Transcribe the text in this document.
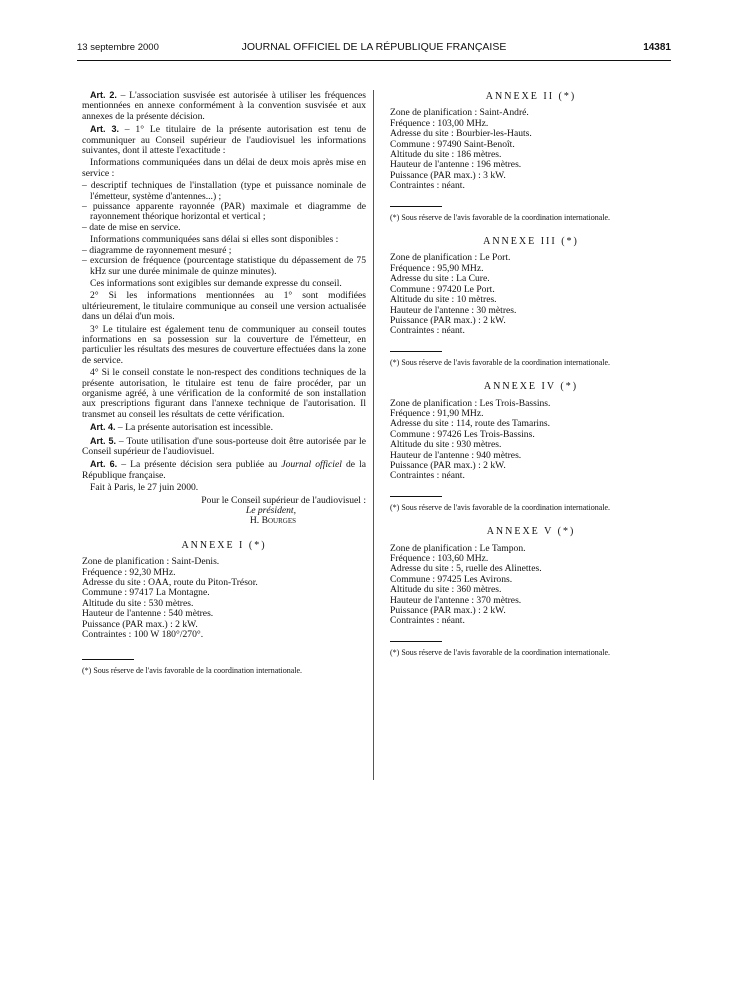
13 septembre 2000	JOURNAL OFFICIEL DE LA RÉPUBLIQUE FRANÇAISE	14381

Art. 2. – L'association susvisée est autorisée à utiliser les fréquences mentionnées en annexe conformément à la convention susvisée et aux annexes de la présente décision.

Art. 3. – 1° Le titulaire de la présente autorisation est tenu de communiquer au Conseil supérieur de l'audiovisuel les informations suivantes, dont il atteste l'exactitude :

Informations communiquées dans un délai de deux mois après mise en service :

– descriptif techniques de l'installation (type et puissance nominale de l'émetteur, système d'antennes...) ;

– puissance apparente rayonnée (PAR) maximale et diagramme de rayonnement théorique horizontal et vertical ;

– date de mise en service.

Informations communiquées sans délai si elles sont disponibles :

– diagramme de rayonnement mesuré ;

– excursion de fréquence (pourcentage statistique du dépassement de 75 kHz sur une durée minimale de quinze minutes).

Ces informations sont exigibles sur demande expresse du conseil.

2° Si les informations mentionnées au 1° sont modifiées ultérieurement, le titulaire communique au conseil une version actualisée dans un délai d'un mois.

3° Le titulaire est également tenu de communiquer au conseil toutes informations en sa possession sur la couverture de l'émetteur, en particulier les résultats des mesures de couverture effectuées dans la zone de service.

4° Si le conseil constate le non-respect des conditions techniques de la présente autorisation, le titulaire est tenu de faire procéder, par un organisme agréé, à une vérification de la conformité de son installation aux prescriptions figurant dans l'annexe technique de l'autorisation. Il transmet au conseil les résultats de cette vérification.

Art. 4. – La présente autorisation est incessible.

Art. 5. – Toute utilisation d'une sous-porteuse doit être autorisée par le Conseil supérieur de l'audiovisuel.

Art. 6. – La présente décision sera publiée au Journal officiel de la République française.

Fait à Paris, le 27 juin 2000.

Pour le Conseil supérieur de l'audiovisuel :

Le président,

H. Bourges

ANNEXE I (*)

Zone de planification : Saint-Denis.

Fréquence : 92,30 MHz.

Adresse du site : OAA, route du Piton-Trésor.

Commune : 97417 La Montagne.

Altitude du site : 530 mètres.

Hauteur de l'antenne : 540 mètres.

Puissance (PAR max.) : 2 kW.

Contraintes : 100 W 180°/270°.

(*) Sous réserve de l'avis favorable de la coordination internationale.

ANNEXE II (*)

Zone de planification : Saint-André.

Fréquence : 103,00 MHz.

Adresse du site : Bourbier-les-Hauts.

Commune : 97490 Saint-Benoît.

Altitude du site : 186 mètres.

Hauteur de l'antenne : 196 mètres.

Puissance (PAR max.) : 3 kW.

Contraintes : néant.

(*) Sous réserve de l'avis favorable de la coordination internationale.

ANNEXE III (*)

Zone de planification : Le Port.

Fréquence : 95,90 MHz.

Adresse du site : La Cure.

Commune : 97420 Le Port.

Altitude du site : 10 mètres.

Hauteur de l'antenne : 30 mètres.

Puissance (PAR max.) : 2 kW.

Contraintes : néant.

(*) Sous réserve de l'avis favorable de la coordination internationale.

ANNEXE IV (*)

Zone de planification : Les Trois-Bassins.

Fréquence : 91,90 MHz.

Adresse du site : 114, route des Tamarins.

Commune : 97426 Les Trois-Bassins.

Altitude du site : 930 mètres.

Hauteur de l'antenne : 940 mètres.

Puissance (PAR max.) : 2 kW.

Contraintes : néant.

(*) Sous réserve de l'avis favorable de la coordination internationale.

ANNEXE V (*)

Zone de planification : Le Tampon.

Fréquence : 103,60 MHz.

Adresse du site : 5, ruelle des Alinettes.

Commune : 97425 Les Avirons.

Altitude du site : 360 mètres.

Hauteur de l'antenne : 370 mètres.

Puissance (PAR max.) : 2 kW.

Contraintes : néant.

(*) Sous réserve de l'avis favorable de la coordination internationale.
